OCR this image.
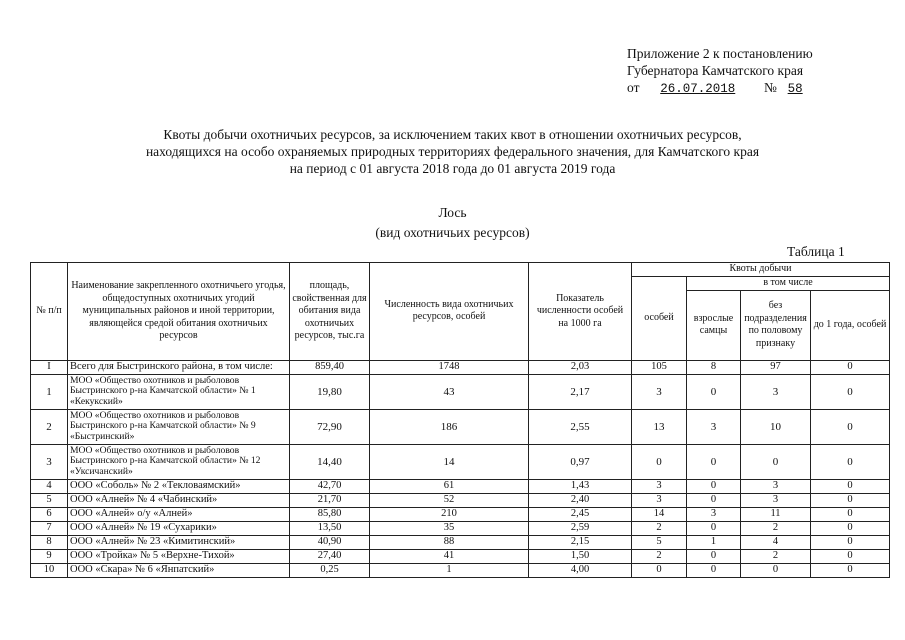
Приложение 2 к постановлению
Губернатора Камчатского края
от 26.07.2018 № 58
Квоты добычи охотничьих ресурсов, за исключением таких квот в отношении охотничьих ресурсов,
находящихся на особо охраняемых природных территориях федерального значения, для Камчатского края
на период с 01 августа 2018 года до 01 августа 2019 года
Лось
(вид охотничьих ресурсов)
Таблица 1
№ п/п	Наименование закрепленного охотничьего угодья, общедоступных охотничьих угодий муниципальных районов и иной территории, являющейся средой обитания охотничьих ресурсов	площадь, свойственная для обитания вида охотничьих ресурсов, тыс.га	Численность вида охотничьих ресурсов, особей	Показатель численности особей на 1000 га	Квоты добычи			
					особей	в том числе		
						взрослые самцы	без подразделения по половому признаку	до 1 года, особей
I	Всего для Быстринского района, в том числе:	859,40	1748	2,03	105	8	97	0
1	МОО «Общество охотников и рыболовов Быстринского р-на Камчатской области» № 1 «Кекукский»	19,80	43	2,17	3	0	3	0
2	МОО «Общество охотников и рыболовов Быстринского р-на Камчатской области» № 9 «Быстринский»	72,90	186	2,55	13	3	10	0
3	МОО «Общество охотников и рыболовов Быстринского р-на Камчатской области» № 12 «Уксичанский»	14,40	14	0,97	0	0	0	0
4	ООО «Соболь» № 2 «Текловаямский»	42,70	61	1,43	3	0	3	0
5	ООО «Алней» № 4 «Чабинский»	21,70	52	2,40	3	0	3	0
6	ООО «Алней» о/у «Алней»	85,80	210	2,45	14	3	11	0
7	ООО «Алней» № 19 «Сухарики»	13,50	35	2,59	2	0	2	0
8	ООО «Алней» № 23 «Кимитинский»	40,90	88	2,15	5	1	4	0
9	ООО «Тройка» № 5 «Верхне-Тихой»	27,40	41	1,50	2	0	2	0
10	ООО «Скара» № 6 «Янпатский»	0,25	1	4,00	0	0	0	0
